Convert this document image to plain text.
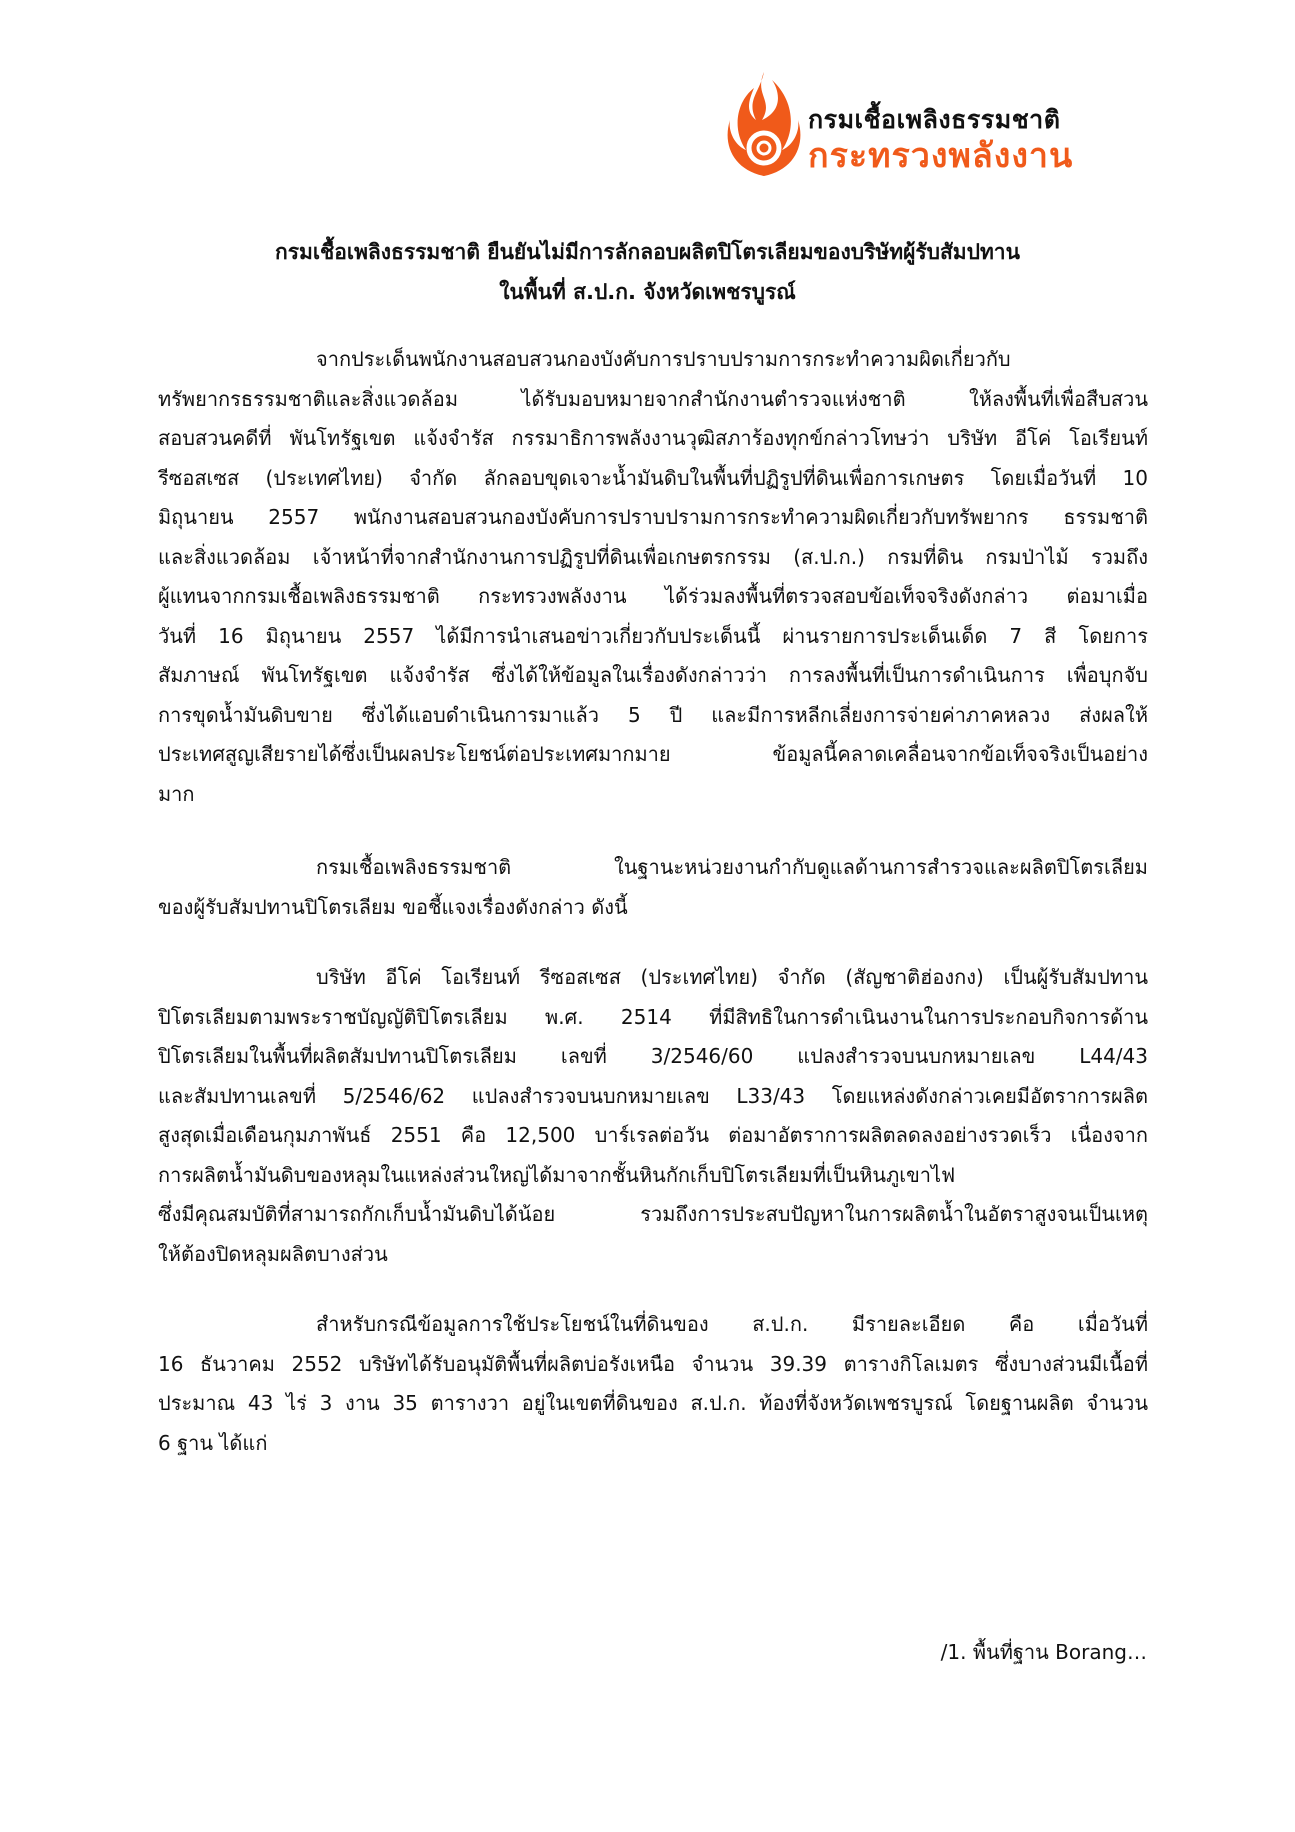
กรมเชื้อเพลิงธรรมชาติ
กระทรวงพลังงาน
กรมเชื้อเพลิงธรรมชาติ ยืนยันไม่มีการลักลอบผลิตปิโตรเลียมของบริษัทผู้รับสัมปทาน
ในพื้นที่ ส.ป.ก. จังหวัดเพชรบูรณ์
จากประเด็นพนักงานสอบสวนกองบังคับการปราบปรามการกระทำความผิดเกี่ยวกับ
ทรัพยากรธรรมชาติและสิ่งแวดล้อม ได้รับมอบหมายจากสำนักงานตำรวจแห่งชาติ ให้ลงพื้นที่เพื่อสืบสวน
สอบสวนคดีที่ พันโทรัฐเขต แจ้งจำรัส กรรมาธิการพลังงานวุฒิสภาร้องทุกข์กล่าวโทษว่า บริษัท อีโค่ โอเรียนท์
รีซอสเซส (ประเทศไทย) จำกัด ลักลอบขุดเจาะน้ำมันดิบในพื้นที่ปฏิรูปที่ดินเพื่อการเกษตร โดยเมื่อวันที่ 10
มิถุนายน 2557 พนักงานสอบสวนกองบังคับการปราบปรามการกระทำความผิดเกี่ยวกับทรัพยากร ธรรมชาติ
และสิ่งแวดล้อม เจ้าหน้าที่จากสำนักงานการปฏิรูปที่ดินเพื่อเกษตรกรรม (ส.ป.ก.) กรมที่ดิน กรมป่าไม้ รวมถึง
ผู้แทนจากกรมเชื้อเพลิงธรรมชาติ กระทรวงพลังงาน ได้ร่วมลงพื้นที่ตรวจสอบข้อเท็จจริงดังกล่าว ต่อมาเมื่อ
วันที่ 16 มิถุนายน 2557 ได้มีการนำเสนอข่าวเกี่ยวกับประเด็นนี้ ผ่านรายการประเด็นเด็ด 7 สี โดยการ
สัมภาษณ์ พันโทรัฐเขต แจ้งจำรัส ซึ่งได้ให้ข้อมูลในเรื่องดังกล่าวว่า การลงพื้นที่เป็นการดำเนินการ เพื่อบุกจับ
การขุดน้ำมันดิบขาย ซึ่งได้แอบดำเนินการมาแล้ว 5 ปี และมีการหลีกเลี่ยงการจ่ายค่าภาคหลวง ส่งผลให้
ประเทศสูญเสียรายได้ซึ่งเป็นผลประโยชน์ต่อประเทศมากมาย ข้อมูลนี้คลาดเคลื่อนจากข้อเท็จจริงเป็นอย่าง
มาก
กรมเชื้อเพลิงธรรมชาติ ในฐานะหน่วยงานกำกับดูแลด้านการสำรวจและผลิตปิโตรเลียม
ของผู้รับสัมปทานปิโตรเลียม ขอชี้แจงเรื่องดังกล่าว ดังนี้
บริษัท อีโค่ โอเรียนท์ รีซอสเซส (ประเทศไทย) จำกัด (สัญชาติฮ่องกง) เป็นผู้รับสัมปทาน
ปิโตรเลียมตามพระราชบัญญัติปิโตรเลียม พ.ศ. 2514 ที่มีสิทธิในการดำเนินงานในการประกอบกิจการด้าน
ปิโตรเลียมในพื้นที่ผลิตสัมปทานปิโตรเลียม เลขที่ 3/2546/60 แปลงสำรวจบนบกหมายเลข L44/43
และสัมปทานเลขที่ 5/2546/62 แปลงสำรวจบนบกหมายเลข L33/43 โดยแหล่งดังกล่าวเคยมีอัตราการผลิต
สูงสุดเมื่อเดือนกุมภาพันธ์ 2551 คือ 12,500 บาร์เรลต่อวัน ต่อมาอัตราการผลิตลดลงอย่างรวดเร็ว เนื่องจาก
การผลิตน้ำมันดิบของหลุมในแหล่งส่วนใหญ่ได้มาจากชั้นหินกักเก็บปิโตรเลียมที่เป็นหินภูเขาไฟ
ซึ่งมีคุณสมบัติที่สามารถกักเก็บน้ำมันดิบได้น้อย รวมถึงการประสบปัญหาในการผลิตน้ำในอัตราสูงจนเป็นเหตุ
ให้ต้องปิดหลุมผลิตบางส่วน
สำหรับกรณีข้อมูลการใช้ประโยชน์ในที่ดินของ ส.ป.ก. มีรายละเอียด คือ เมื่อวันที่
16 ธันวาคม 2552 บริษัทได้รับอนุมัติพื้นที่ผลิตบ่อรังเหนือ จำนวน 39.39 ตารางกิโลเมตร ซึ่งบางส่วนมีเนื้อที่
ประมาณ 43 ไร่ 3 งาน 35 ตารางวา อยู่ในเขตที่ดินของ ส.ป.ก. ท้องที่จังหวัดเพชรบูรณ์ โดยฐานผลิต จำนวน
6 ฐาน ได้แก่
/1. พื้นที่ฐาน Borang…
